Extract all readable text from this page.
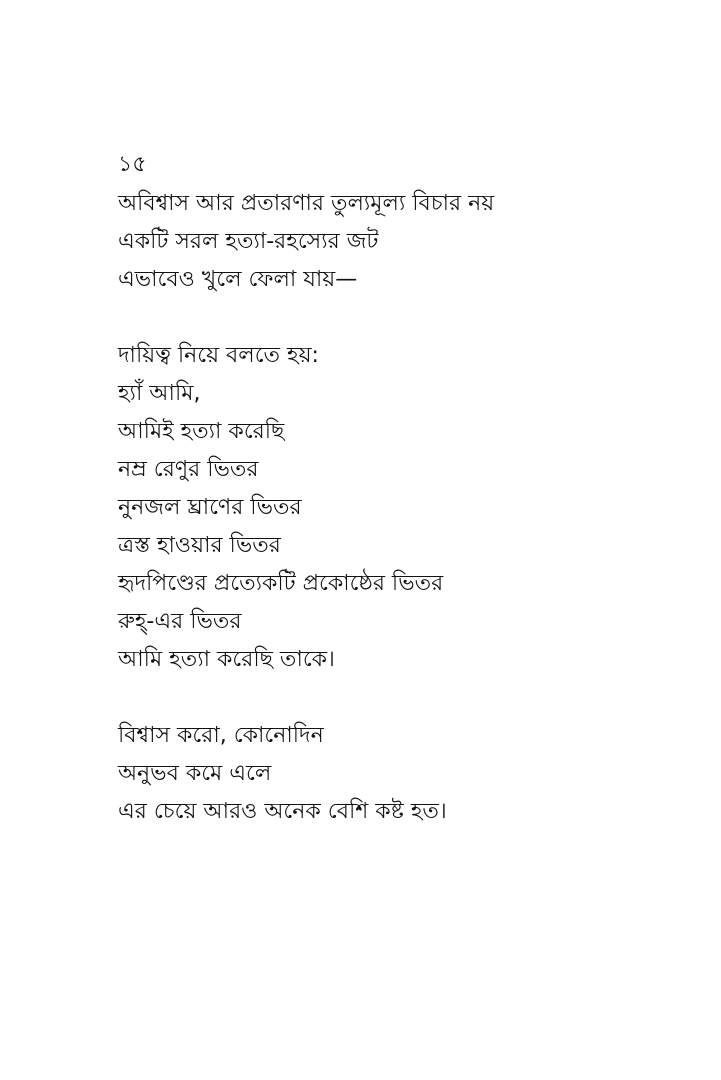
১৫
অবিশ্বাস আর প্রতারণার তুল্যমূল্য বিচার নয়
একটি সরল হত্যা-রহস্যের জট
এভাবেও খুলে ফেলা যায়—
দায়িত্ব নিয়ে বলতে হয়:
হ্যাঁ আমি,
আমিই হত্যা করেছি
নম্র রেণুর ভিতর
নুনজল ঘ্রাণের ভিতর
ত্রস্ত হাওয়ার ভিতর
হৃদপিণ্ডের প্রত্যেকটি প্রকোষ্ঠের ভিতর
রুহ্-এর ভিতর
আমি হত্যা করেছি তাকে।
বিশ্বাস করো, কোনোদিন
অনুভব কমে এলে
এর চেয়ে আরও অনেক বেশি কষ্ট হত।
